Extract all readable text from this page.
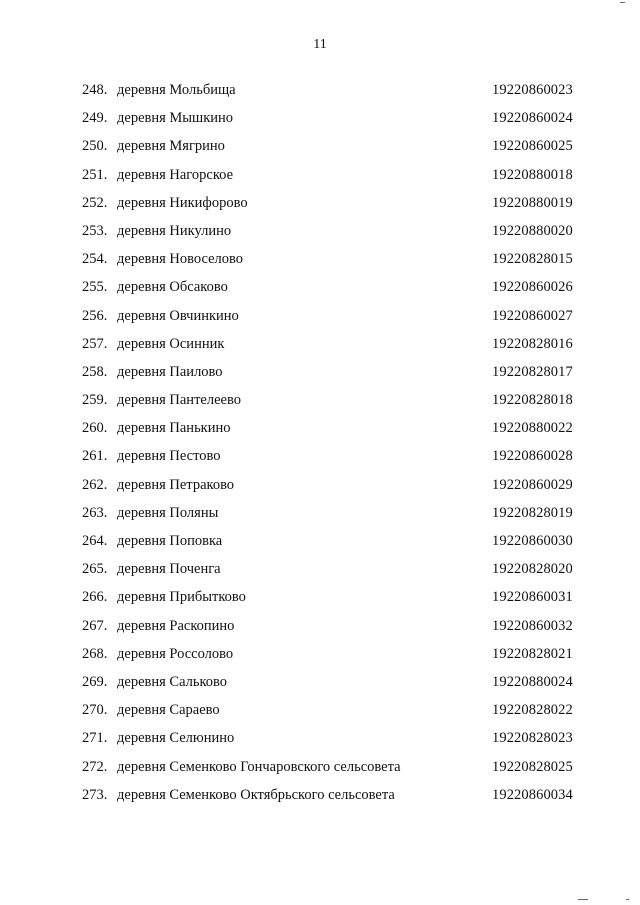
11
248. деревня Мольбища	19220860023
249. деревня Мышкино	19220860024
250. деревня Мягрино	19220860025
251. деревня Нагорское	19220880018
252. деревня Никифорово	19220880019
253. деревня Никулино	19220880020
254. деревня Новоселово	19220828015
255. деревня Обсаково	19220860026
256. деревня Овчинкино	19220860027
257. деревня Осинник	19220828016
258. деревня Паилово	19220828017
259. деревня Пантелеево	19220828018
260. деревня Панькино	19220880022
261. деревня Пестово	19220860028
262. деревня Петраково	19220860029
263. деревня Поляны	19220828019
264. деревня Поповка	19220860030
265. деревня Поченга	19220828020
266. деревня Прибытково	19220860031
267. деревня Раскопино	19220860032
268. деревня Россолово	19220828021
269. деревня Сальково	19220880024
270. деревня Сараево	19220828022
271. деревня Селюнино	19220828023
272. деревня Семенково Гончаровского сельсовета	19220828025
273. деревня Семенково Октябрьского сельсовета	19220860034
